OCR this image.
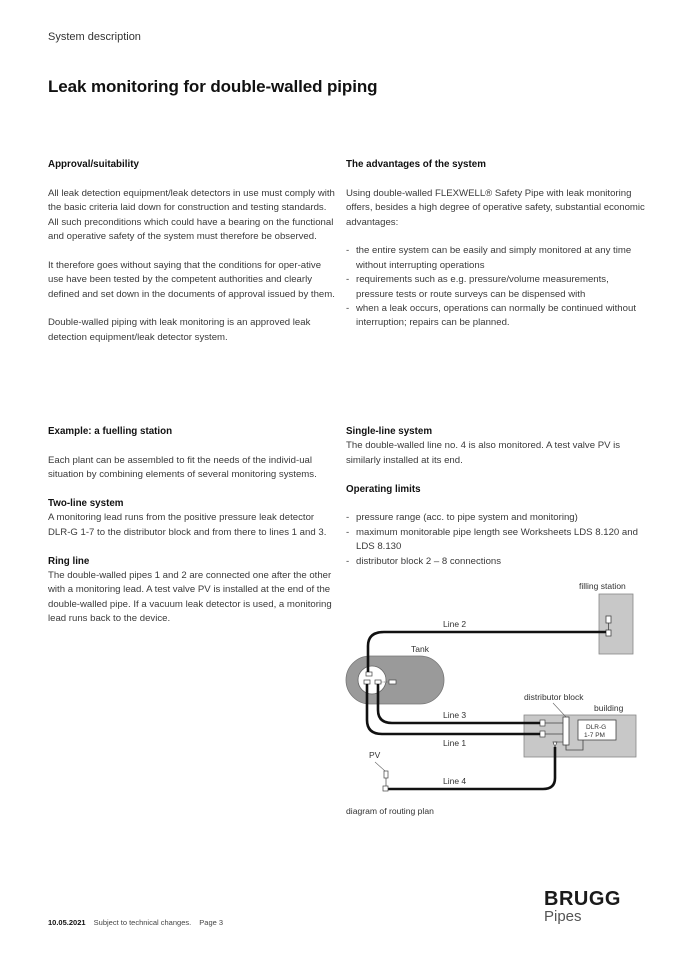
System description
Leak monitoring for double-walled piping
Approval/suitability

All leak detection equipment/leak detectors in use must comply with the basic criteria laid down for construction and testing standards. All such preconditions which could have a bearing on the functional and operative safety of the system must therefore be observed.

It therefore goes without saying that the conditions for oper-ative use have been tested by the competent authorities and clearly defined and set down in the documents of approval issued by them.

Double-walled piping with leak monitoring is an approved leak detection equipment/leak detector system.

The advantages of the system

Using double-walled FLEXWELL® Safety Pipe with leak monitoring offers, besides a high degree of operative safety, substantial economic advantages:

- the entire system can be easily and simply monitored at any time without interrupting operations
- requirements such as e.g. pressure/volume measurements, pressure tests or route surveys can be dispensed with
- when a leak occurs, operations can normally be continued without interruption; repairs can be planned.
Example: a fuelling station

Each plant can be assembled to fit the needs of the individ-ual situation by combining elements of several monitoring systems.

Two-line system

A monitoring lead runs from the positive pressure leak detector DLR-G 1-7 to the distributor block and from there to lines 1 and 3.

Ring line

The double-walled pipes 1 and 2 are connected one after the other with a monitoring lead. A test valve PV is installed at the end of the double-walled pipe. If a vacuum leak detector is used, a monitoring lead runs back to the device.

Single-line system

The double-walled line no. 4 is also monitored. A test valve PV is similarly installed at its end.

Operating limits
- pressure range (acc. to pipe system and monitoring)
- maximum monitorable pipe length see Worksheets LDS 8.120 and LDS 8.130
- distributor block 2 – 8 connections
filling station
Tank
building
distributor block
DLR-G
1-7 PM
Line 2
Line 3
Line 1
Line 4
PV
diagram of routing plan
10.05.2021 Subject to technical changes. Page 3
BRUGG
Pipes
